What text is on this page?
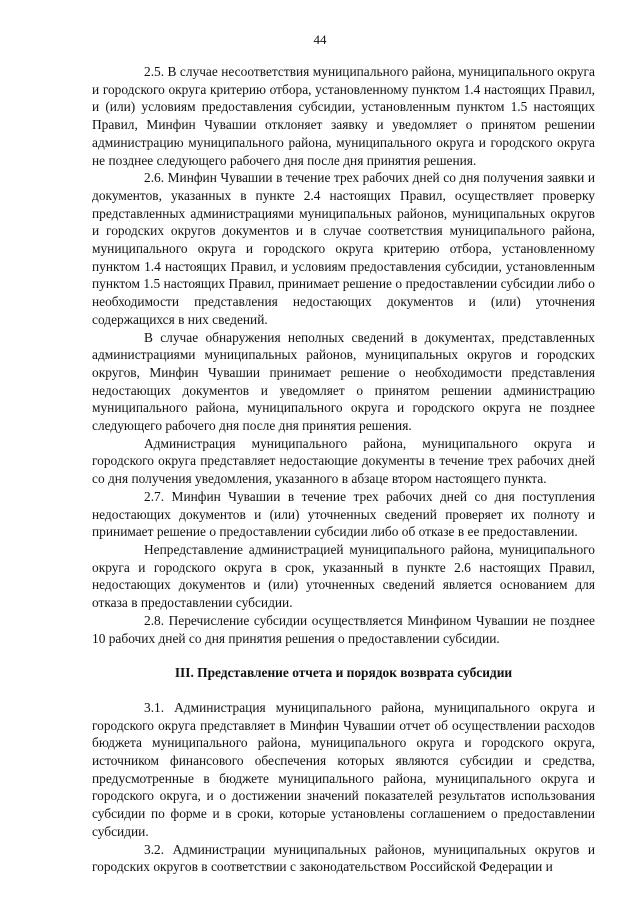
44

2.5. В случае несоответствия муниципального района, муниципального округа и городского округа критерию отбора, установленному пунктом 1.4 настоящих Правил, и (или) условиям предоставления субсидии, установленным пунктом 1.5 настоящих Правил, Минфин Чувашии отклоняет заявку и уведомляет о принятом решении администрацию муниципального района, муниципального округа и городского округа не позднее следующего рабочего дня после дня принятия решения.

2.6. Минфин Чувашии в течение трех рабочих дней со дня получения заявки и документов, указанных в пункте 2.4 настоящих Правил, осуществляет проверку представленных администрациями муниципальных районов, муниципальных округов и городских округов документов и в случае соответствия муниципального района, муниципального округа и городского округа критерию отбора, установленному пунктом 1.4 настоящих Правил, и условиям предоставления субсидии, установленным пунктом 1.5 настоящих Правил, принимает решение о предоставлении субсидии либо о необходимости представления недостающих документов и (или) уточнения содержащихся в них сведений.

В случае обнаружения неполных сведений в документах, представленных администрациями муниципальных районов, муниципальных округов и городских округов, Минфин Чувашии принимает решение о необходимости представления недостающих документов и уведомляет о принятом решении администрацию муниципального района, муниципального округа и городского округа не позднее следующего рабочего дня после дня принятия решения.

Администрация муниципального района, муниципального округа и городского округа представляет недостающие документы в течение трех рабочих дней со дня получения уведомления, указанного в абзаце втором настоящего пункта.

2.7. Минфин Чувашии в течение трех рабочих дней со дня поступления недостающих документов и (или) уточненных сведений проверяет их полноту и принимает решение о предоставлении субсидии либо об отказе в ее предоставлении.

Непредставление администрацией муниципального района, муниципального округа и городского округа в срок, указанный в пункте 2.6 настоящих Правил, недостающих документов и (или) уточненных сведений является основанием для отказа в предоставлении субсидии.

2.8. Перечисление субсидии осуществляется Минфином Чувашии не позднее 10 рабочих дней со дня принятия решения о предоставлении субсидии.

III. Представление отчета и порядок возврата субсидии

3.1. Администрация муниципального района, муниципального округа и городского округа представляет в Минфин Чувашии отчет об осуществлении расходов бюджета муниципального района, муниципального округа и городского округа, источником финансового обеспечения которых являются субсидии и средства, предусмотренные в бюджете муниципального района, муниципального округа и городского округа, и о достижении значений показателей результатов использования субсидии по форме и в сроки, которые установлены соглашением о предоставлении субсидии.

3.2. Администрации муниципальных районов, муниципальных округов и городских округов в соответствии с законодательством Российской Федерации и
